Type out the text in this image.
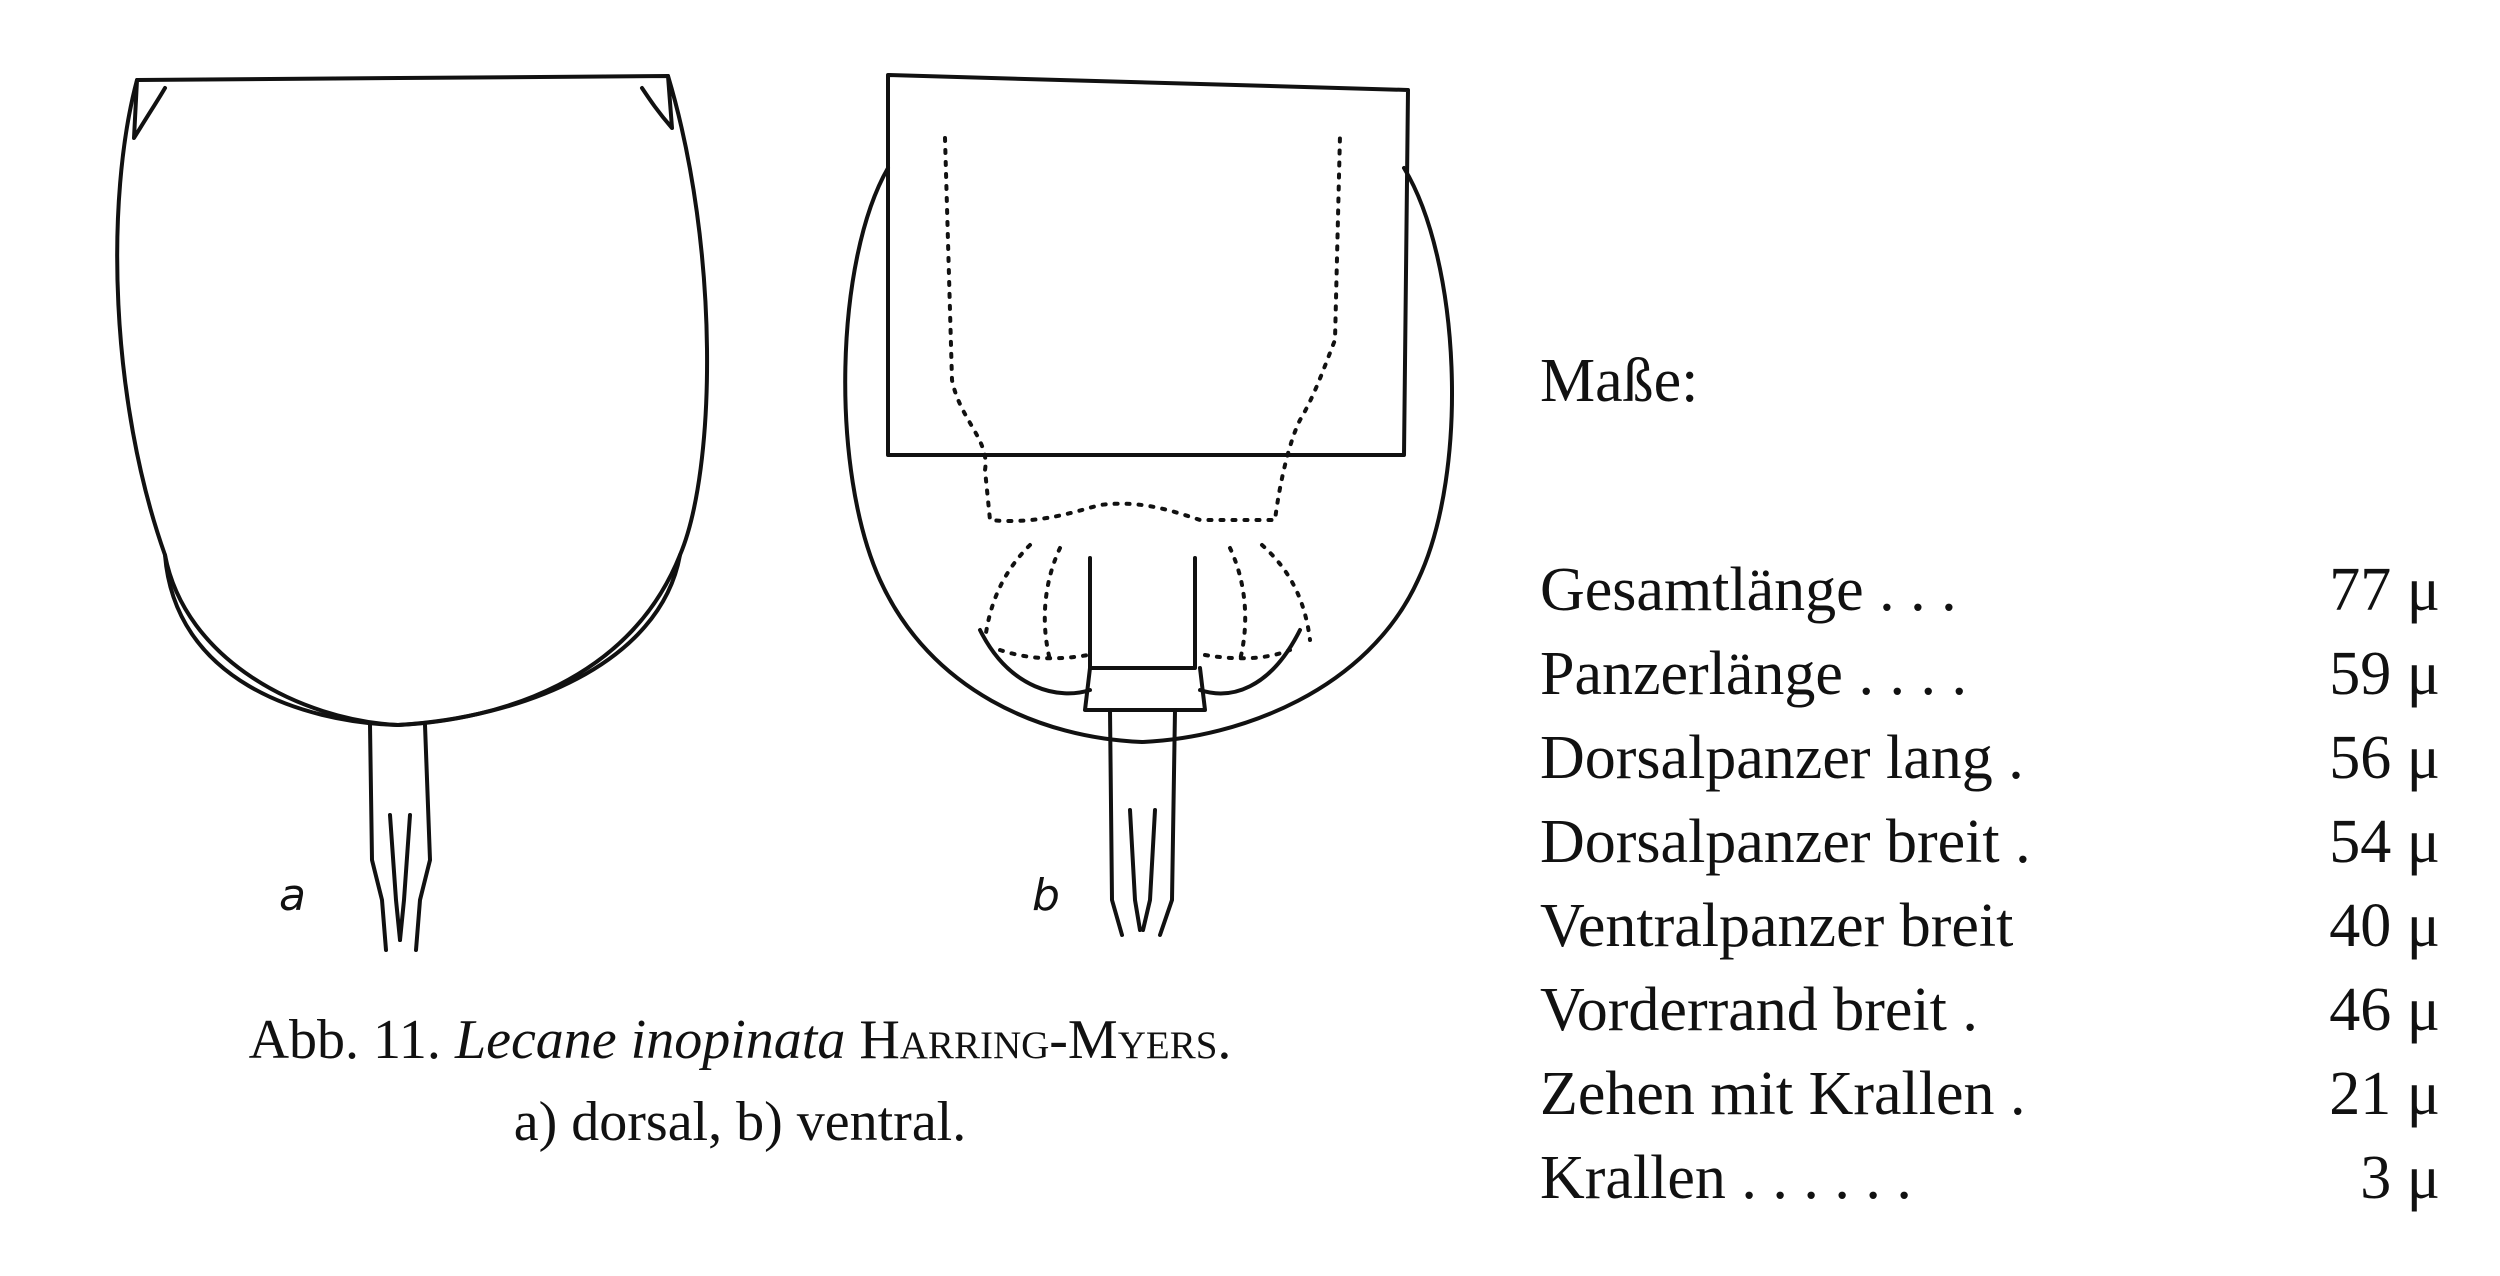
a	b
Abb. 11. Lecane inopinata Harring-Myers.
a) dorsal, b) ventral.
Maße:
Gesamtlänge . . .	77 μ
Panzerlänge . . . .	59 μ
Dorsalpanzer lang .	56 μ
Dorsalpanzer breit .	54 μ
Ventralpanzer breit	40 μ
Vorderrand breit .	46 μ
Zehen mit Krallen .	21 μ
Krallen . . . . . .	3 μ
